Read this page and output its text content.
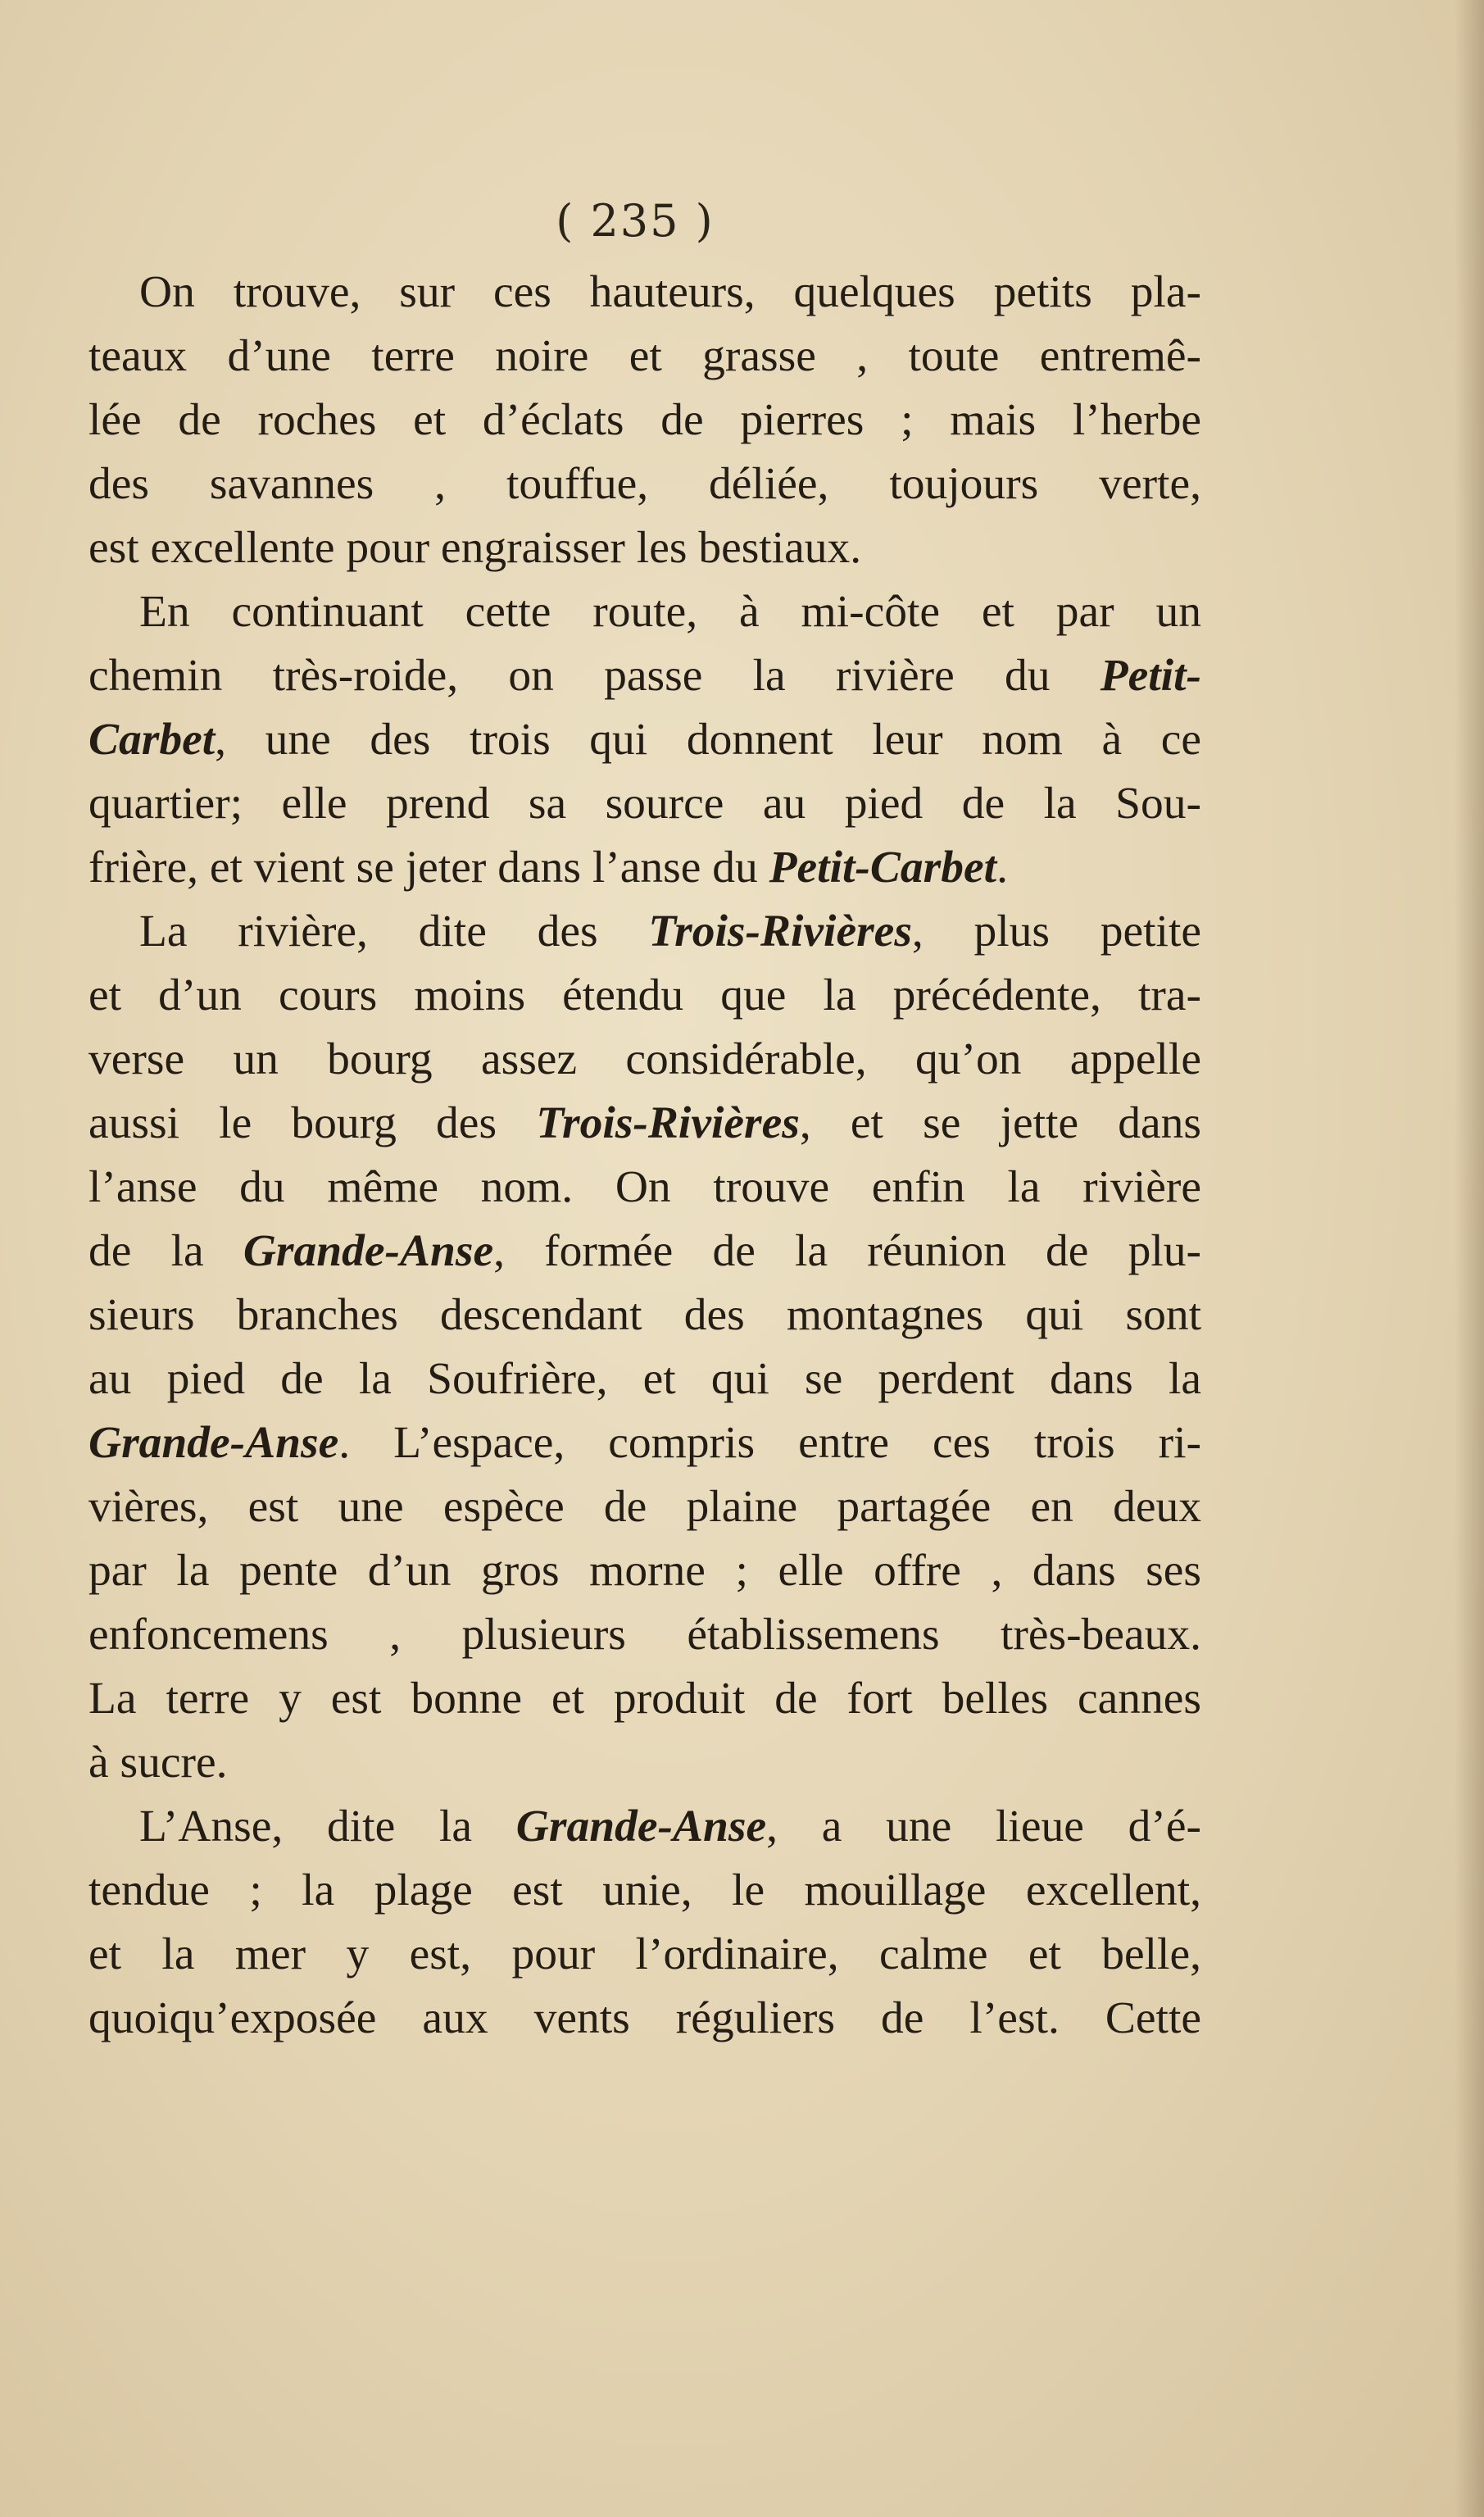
( 235 )
On trouve, sur ces hauteurs, quelques petits pla-
teaux d’une terre noire et grasse , toute entremê-
lée de roches et d’éclats de pierres ; mais l’herbe
des savannes , touffue, déliée, toujours verte,
est excellente pour engraisser les bestiaux.
En continuant cette route, à mi-côte et par un
chemin très-roide, on passe la rivière du Petit-
Carbet, une des trois qui donnent leur nom à ce
quartier; elle prend sa source au pied de la Sou-
frière, et vient se jeter dans l’anse du Petit-Carbet.
La rivière, dite des Trois-Rivières, plus petite
et d’un cours moins étendu que la précédente, tra-
verse un bourg assez considérable, qu’on appelle
aussi le bourg des Trois-Rivières, et se jette dans
l’anse du même nom. On trouve enfin la rivière
de la Grande-Anse, formée de la réunion de plu-
sieurs branches descendant des montagnes qui sont
au pied de la Soufrière, et qui se perdent dans la
Grande-Anse. L’espace, compris entre ces trois ri-
vières, est une espèce de plaine partagée en deux
par la pente d’un gros morne ; elle offre , dans ses
enfoncemens , plusieurs établissemens très-beaux.
La terre y est bonne et produit de fort belles cannes
à sucre.
L’Anse, dite la Grande-Anse, a une lieue d’é-
tendue ; la plage est unie, le mouillage excellent,
et la mer y est, pour l’ordinaire, calme et belle,
quoiqu’exposée aux vents réguliers de l’est. Cette
